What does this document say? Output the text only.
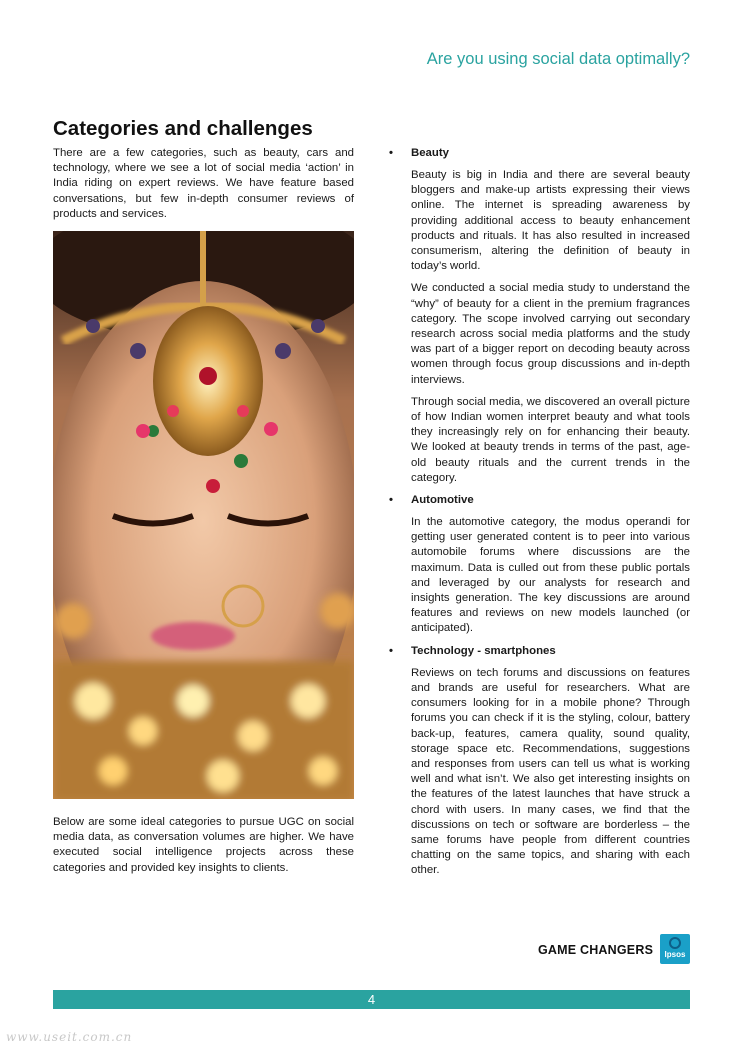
Are you using social data optimally?
Categories and challenges

There are a few categories, such as beauty, cars and technology, where we see a lot of social media ‘action’ in India riding on expert reviews. We have feature based conversations, but few in-depth consumer reviews of products and services.

Below are some ideal categories to pursue UGC on social media data, as conversation volumes are higher. We have executed social intelligence projects across these categories and provided key insights to clients.

• Beauty

Beauty is big in India and there are several beauty bloggers and make-up artists expressing their views online. The internet is spreading awareness by providing additional access to beauty enhancement products and rituals. It has also resulted in increased consumerism, altering the definition of beauty in today’s world.

We conducted a social media study to understand the “why” of beauty for a client in the premium fragrances category. The scope involved carrying out secondary research across social media platforms and the study was part of a bigger report on decoding beauty across women through focus group discussions and in-depth interviews.

Through social media, we discovered an overall picture of how Indian women interpret beauty and what tools they increasingly rely on for enhancing their beauty. We looked at beauty trends in terms of the past, age-old beauty rituals and the current trends in the category.

• Automotive

In the automotive category, the modus operandi for getting user generated content is to peer into various automobile forums where discussions are the maximum. Data is culled out from these public portals and leveraged by our analysts for research and insights generation. The key discussions are around features and reviews on new models launched (or anticipated).

• Technology - smartphones

Reviews on tech forums and discussions on features and brands are useful for researchers. What are consumers looking for in a mobile phone? Through forums you can check if it is the styling, colour, battery back-up, features, camera quality, sound quality, storage space etc. Recommendations, suggestions and responses from users can tell us what is working well and what isn’t. We also get interesting insights on the features of the latest launches that have struck a chord with users. In many cases, we find that the discussions on tech or software are borderless – the same forums have people from different countries chatting on the same topics, and sharing with each other.

GAME CHANGERS	Ipsos
4
www.useit.com.cn
